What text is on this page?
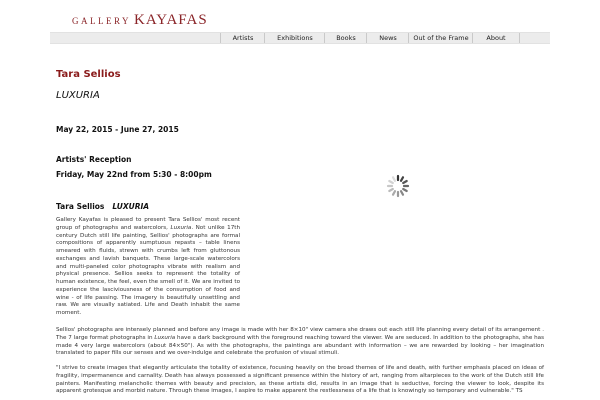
GALLERY KAYAFAS
Artists	Exhibitions	Books	News	Out of the Frame	About
Tara Sellios
LUXURIA
May 22, 2015 - June 27, 2015
Artists' Reception
Friday, May 22nd from 5:30 - 8:00pm
Tara Sellios LUXURIA
Gallery Kayafas is pleased to present Tara Sellios' most recent group of photographs and watercolors, Luxuria. Not unlike 17th century Dutch still life painting, Sellios' photographs are formal compositions of apparently sumptuous repasts – table linens smeared with fluids, strewn with crumbs left from gluttonous exchanges and lavish banquets. These large-scale watercolors and multi-paneled color photographs vibrate with realism and physical presence. Sellios seeks to represent the totality of human existence, the feel, even the smell of it. We are invited to experience the lasciviousness of the consumption of food and wine - of life passing. The imagery is beautifully unsettling and raw. We are visually satiated. Life and Death inhabit the same moment.
Sellios' photographs are intensely planned and before any image is made with her 8×10" view camera she draws out each still life planning every detail of its arrangement . The 7 large format photographs in Luxuria have a dark background with the foreground reaching toward the viewer. We are seduced. In addition to the photographs, she has made 4 very large watercolors (about 84×50"). As with the photographs, the paintings are abundant with information – we are rewarded by looking – her imagination translated to paper fills our senses and we over-indulge and celebrate the profusion of visual stimuli.
"I strive to create images that elegantly articulate the totality of existence, focusing heavily on the broad themes of life and death, with further emphasis placed on ideas of fragility, impermanence and carnality. Death has always possessed a significant presence within the history of art, ranging from altarpieces to the work of the Dutch still life painters. Manifesting melancholic themes with beauty and precision, as these artists did, results in an image that is seductive, forcing the viewer to look, despite its apparent grotesque and morbid nature. Through these images, I aspire to make apparent the restlessness of a life that is knowingly so temporary and vulnerable." TS
